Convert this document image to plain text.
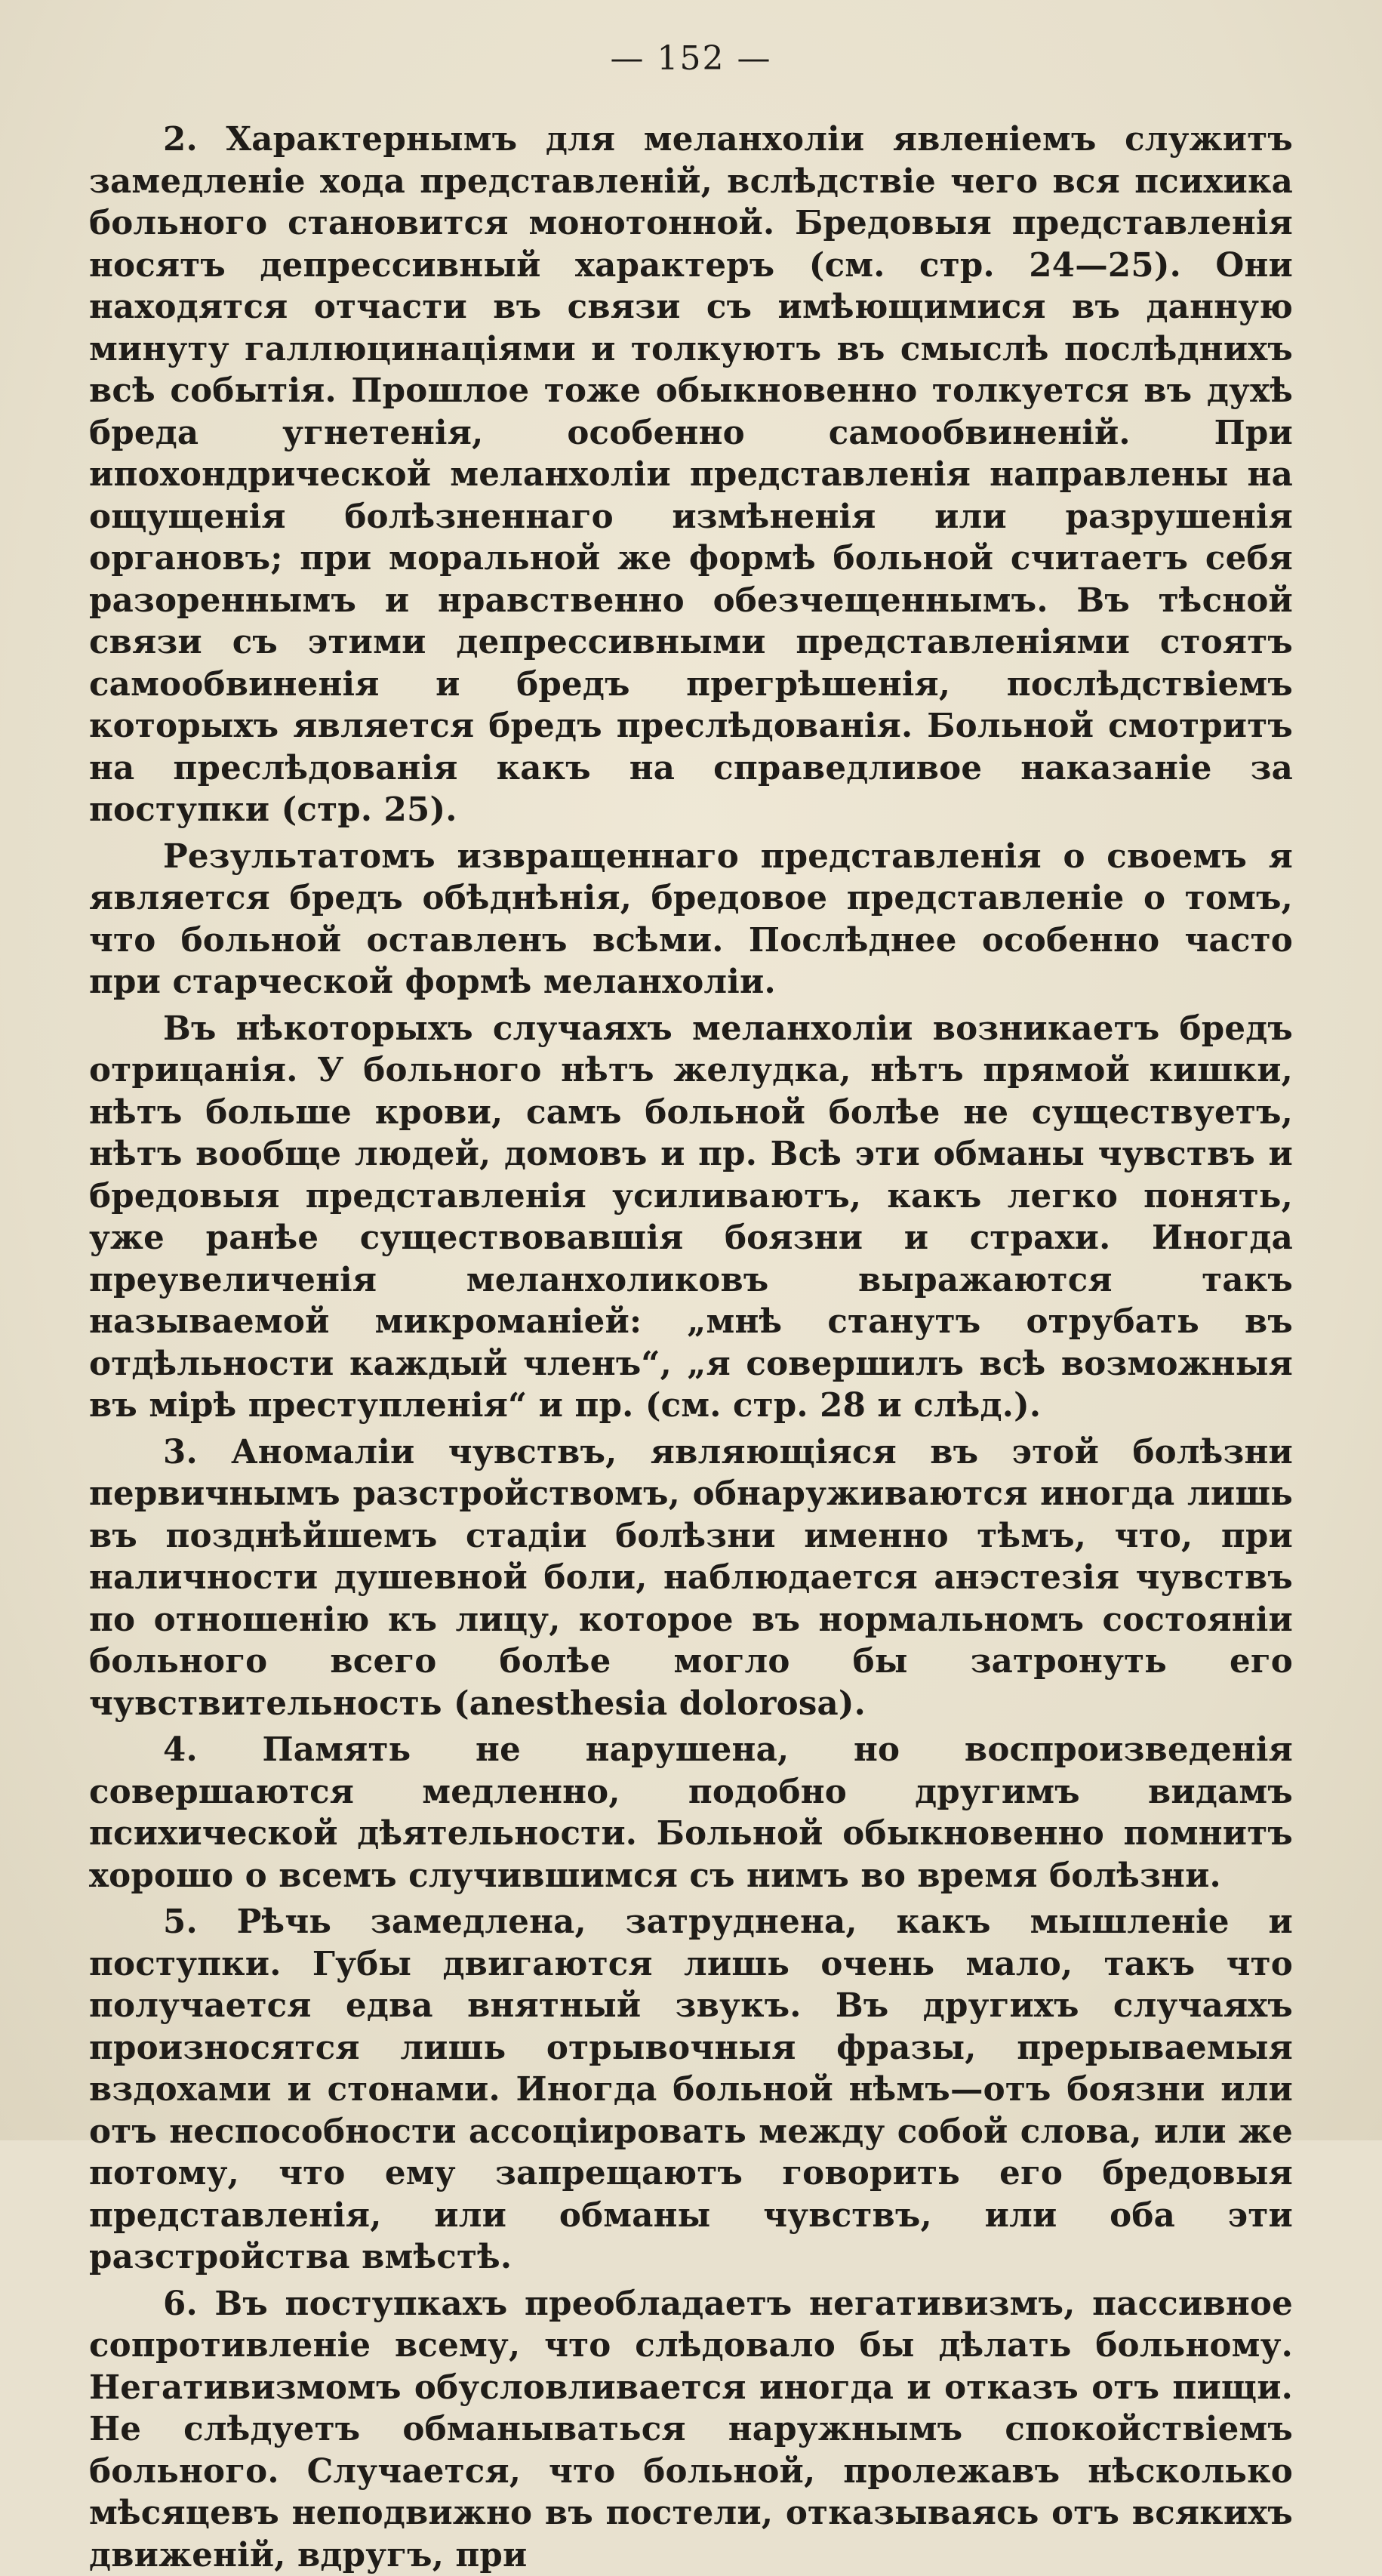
— 152 —

2. Характернымъ для меланхоліи явленіемъ служитъ замедленіе хода представленій, вслѣдствіе чего вся психика больного становится монотонной. Бредовыя представленія носятъ депрессивный характеръ (см. стр. 24—25). Они находятся отчасти въ связи съ имѣющимися въ данную минуту галлюцинаціями и толкуютъ въ смыслѣ послѣднихъ всѣ событія. Прошлое тоже обыкновенно толкуется въ духѣ бреда угнетенія, особенно самообвиненій. При ипохондрической меланхоліи представленія направлены на ощущенія болѣзненнаго измѣненія или разрушенія органовъ; при моральной же формѣ больной считаетъ себя разореннымъ и нравственно обезчещеннымъ. Въ тѣсной связи съ этими депрессивными представленіями стоятъ самообвиненія и бредъ прегрѣшенія, послѣдствіемъ которыхъ является бредъ преслѣдованія. Больной смотритъ на преслѣдованія какъ на справедливое наказаніе за поступки (стр. 25).

Результатомъ извращеннаго представленія о своемъ я является бредъ обѣднѣнія, бредовое представленіе о томъ, что больной оставленъ всѣми. Послѣднее особенно часто при старческой формѣ меланхоліи.

Въ нѣкоторыхъ случаяхъ меланхоліи возникаетъ бредъ отрицанія. У больного нѣтъ желудка, нѣтъ прямой кишки, нѣтъ больше крови, самъ больной болѣе не существуетъ, нѣтъ вообще людей, домовъ и пр. Всѣ эти обманы чувствъ и бредовыя представленія усиливаютъ, какъ легко понять, уже ранѣе существовавшія боязни и страхи. Иногда преувеличенія меланхоликовъ выражаются такъ называемой микроманіей: „мнѣ станутъ отрубать въ отдѣльности каждый членъ“, „я совершилъ всѣ возможныя въ мірѣ преступленія“ и пр. (см. стр. 28 и слѣд.).

3. Аномаліи чувствъ, являющіяся въ этой болѣзни первичнымъ разстройствомъ, обнаруживаются иногда лишь въ позднѣйшемъ стадіи болѣзни именно тѣмъ, что, при наличности душевной боли, наблюдается анэстезія чувствъ по отношенію къ лицу, которое въ нормальномъ состояніи больного всего болѣе могло бы затронуть его чувствительность (anesthesia dolorosa).

4. Память не нарушена, но воспроизведенія совершаются медленно, подобно другимъ видамъ психической дѣятельности. Больной обыкновенно помнитъ хорошо о всемъ случившимся съ нимъ во время болѣзни.

5. Рѣчь замедлена, затруднена, какъ мышленіе и поступки. Губы двигаются лишь очень мало, такъ что получается едва внятный звукъ. Въ другихъ случаяхъ произносятся лишь отрывочныя фразы, прерываемыя вздохами и стонами. Иногда больной нѣмъ—отъ боязни или отъ неспособности ассоціировать между собой слова, или же потому, что ему запрещаютъ говорить его бредовыя представленія, или обманы чувствъ, или оба эти разстройства вмѣстѣ.

6. Въ поступкахъ преобладаетъ негативизмъ, пассивное сопротивленіе всему, что слѣдовало бы дѣлать больному. Негативизмомъ обусловливается иногда и отказъ отъ пищи. Не слѣдуетъ обманываться наружнымъ спокойствіемъ больного. Случается, что больной, пролежавъ нѣсколько мѣсяцевъ неподвижно въ постели, отказываясь отъ всякихъ движеній, вдругъ, при
